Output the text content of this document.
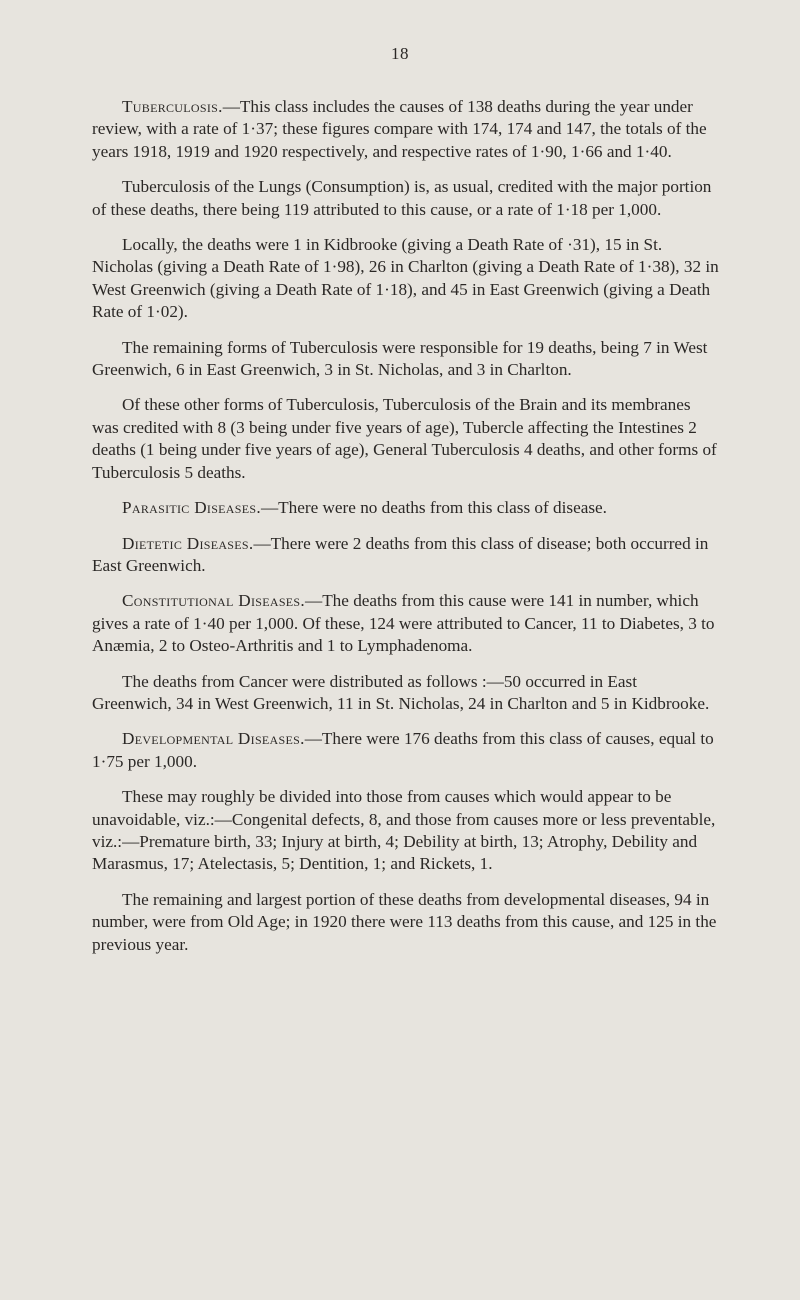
18

Tuberculosis.—This class includes the causes of 138 deaths during the year under review, with a rate of 1·37; these figures compare with 174, 174 and 147, the totals of the years 1918, 1919 and 1920 respectively, and respective rates of 1·90, 1·66 and 1·40.

Tuberculosis of the Lungs (Consumption) is, as usual, credited with the major portion of these deaths, there being 119 attributed to this cause, or a rate of 1·18 per 1,000.

Locally, the deaths were 1 in Kidbrooke (giving a Death Rate of ·31), 15 in St. Nicholas (giving a Death Rate of 1·98), 26 in Charlton (giving a Death Rate of 1·38), 32 in West Greenwich (giving a Death Rate of 1·18), and 45 in East Greenwich (giving a Death Rate of 1·02).

The remaining forms of Tuberculosis were responsible for 19 deaths, being 7 in West Greenwich, 6 in East Greenwich, 3 in St. Nicholas, and 3 in Charlton.

Of these other forms of Tuberculosis, Tuberculosis of the Brain and its membranes was credited with 8 (3 being under five years of age), Tubercle affecting the Intestines 2 deaths (1 being under five years of age), General Tuberculosis 4 deaths, and other forms of Tuberculosis 5 deaths.

Parasitic Diseases.—There were no deaths from this class of disease.

Dietetic Diseases.—There were 2 deaths from this class of disease; both occurred in East Greenwich.

Constitutional Diseases.—The deaths from this cause were 141 in number, which gives a rate of 1·40 per 1,000. Of these, 124 were attributed to Cancer, 11 to Diabetes, 3 to Anæmia, 2 to Osteo-Arthritis and 1 to Lymphadenoma.

The deaths from Cancer were distributed as follows :—50 occurred in East Greenwich, 34 in West Greenwich, 11 in St. Nicholas, 24 in Charlton and 5 in Kidbrooke.

Developmental Diseases.—There were 176 deaths from this class of causes, equal to 1·75 per 1,000.

These may roughly be divided into those from causes which would appear to be unavoidable, viz.:—Congenital defects, 8, and those from causes more or less preventable, viz.:—Premature birth, 33; Injury at birth, 4; Debility at birth, 13; Atrophy, Debility and Marasmus, 17; Atelectasis, 5; Dentition, 1; and Rickets, 1.

The remaining and largest portion of these deaths from developmental diseases, 94 in number, were from Old Age; in 1920 there were 113 deaths from this cause, and 125 in the previous year.
